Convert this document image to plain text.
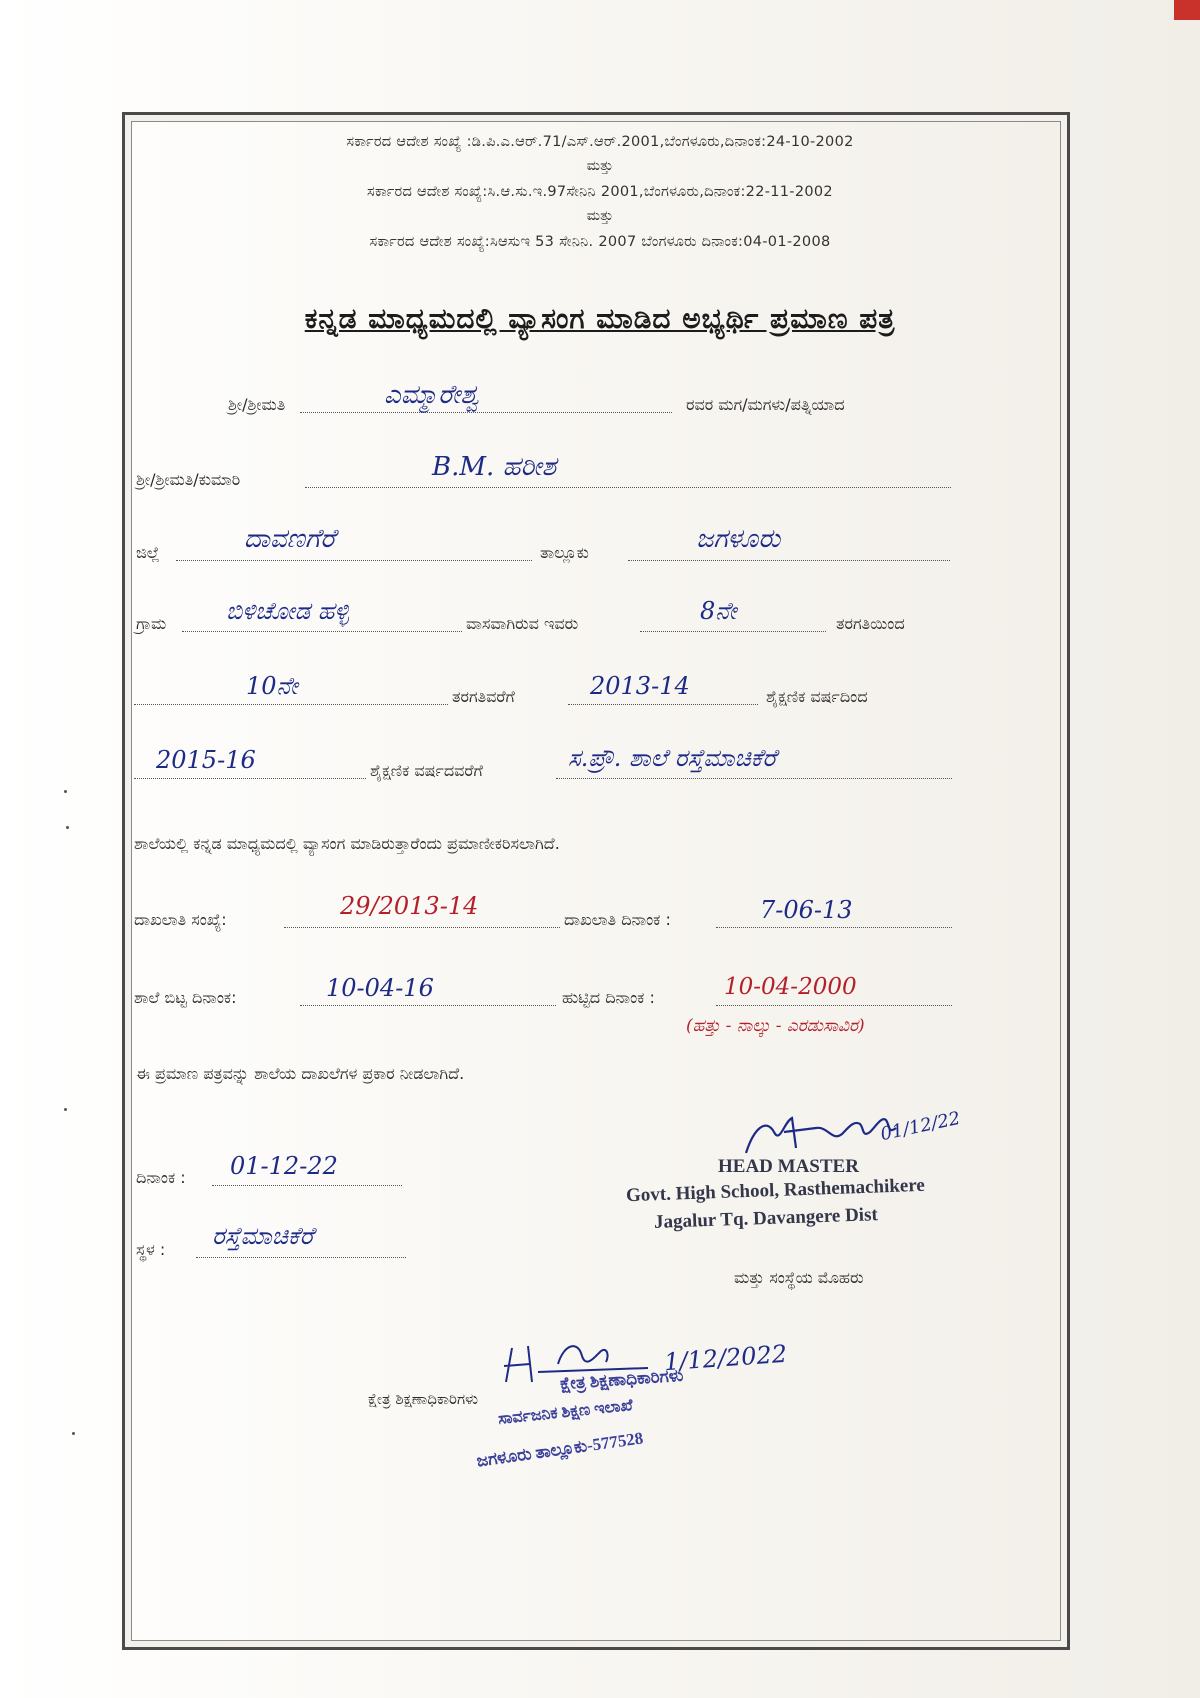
ಸರ್ಕಾರದ ಆದೇಶ ಸಂಖ್ಯೆ :ಡಿ.ಪಿ.ಎ.ಆರ್.71/ಎಸ್.ಆರ್.2001,ಬೆಂಗಳೂರು,ದಿನಾಂಕ:24-10-2002
ಮತ್ತು
ಸರ್ಕಾರದ ಆದೇಶ ಸಂಖ್ಯೆ:ಸಿ.ಆ.ಸು.ಇ.97ಸೇನಿನಿ 2001,ಬೆಂಗಳೂರು,ದಿನಾಂಕ:22-11-2002
ಮತ್ತು
ಸರ್ಕಾರದ ಆದೇಶ ಸಂಖ್ಯೆ:ಸಿಆಸುಇ 53 ಸೇನಿನಿ. 2007 ಬೆಂಗಳೂರು ದಿನಾಂಕ:04-01-2008
ಕನ್ನಡ ಮಾಧ್ಯಮದಲ್ಲಿ ವ್ಯಾಸಂಗ ಮಾಡಿದ ಅಭ್ಯರ್ಥಿ ಪ್ರಮಾಣ ಪತ್ರ
ಶ್ರೀ/ಶ್ರೀಮತಿ	ಎಮ್ಮಾರೇಶ್ವ	ರವರ ಮಗ/ಮಗಳು/ಪತ್ನಿಯಾದ
ಶ್ರೀ/ಶ್ರೀಮತಿ/ಕುಮಾರಿ	B.M. ಹರೀಶ
ಜಿಲ್ಲೆ	ದಾವಣಗೆರೆ	ತಾಲ್ಲೂಕು	ಜಗಳೂರು
ಗ್ರಾಮ ಬಿಳಿಚೋಡ ಹಳ್ಳಿ	ವಾಸವಾಗಿರುವ ಇವರು	8ನೇ	ತರಗತಿಯಿಂದ
10ನೇ	ತರಗತಿವರೆಗೆ	2013-14	ಶೈಕ್ಷಣಿಕ ವರ್ಷದಿಂದ
2015-16	ಶೈಕ್ಷಣಿಕ ವರ್ಷದವರೆಗೆ	ಸ.ಪ್ರೌ. ಶಾಲೆ ರಸ್ತೆಮಾಚಿಕೆರೆ
ಶಾಲೆಯಲ್ಲಿ ಕನ್ನಡ ಮಾಧ್ಯಮದಲ್ಲಿ ವ್ಯಾಸಂಗ ಮಾಡಿರುತ್ತಾರೆಂದು ಪ್ರಮಾಣೀಕರಿಸಲಾಗಿದೆ.
ದಾಖಲಾತಿ ಸಂಖ್ಯೆ:	29/2013-14	ದಾಖಲಾತಿ ದಿನಾಂಕ :	7-06-13
ಶಾಲೆ ಬಿಟ್ಟ ದಿನಾಂಕ:	10-04-16	ಹುಟ್ಟಿದ ದಿನಾಂಕ :	10-04-2000
(ಹತ್ತು - ನಾಲ್ಕು - ಎರಡುಸಾವಿರ)
ಈ ಪ್ರಮಾಣ ಪತ್ರವನ್ನು ಶಾಲೆಯ ದಾಖಲೆಗಳ ಪ್ರಕಾರ ನೀಡಲಾಗಿದೆ.
01/12/22
HEAD MASTER
Govt. High School, Rasthemachikere
Jagalur Tq. Davangere Dist
ದಿನಾಂಕ : 01-12-22
ಸ್ಥಳ : ರಸ್ತೆಮಾಚಿಕೆರೆ
ಮತ್ತು ಸಂಸ್ಥೆಯ ಮೊಹರು
1/12/2022
ಕ್ಷೇತ್ರ ಶಿಕ್ಷಣಾಧಿಕಾರಿಗಳು
ಕ್ಷೇತ್ರ ಶಿಕ್ಷಣಾಧಿಕಾರಿಗಳು
ಸಾರ್ವಜನಿಕ ಶಿಕ್ಷಣ ಇಲಾಖೆ
ಜಗಳೂರು ತಾಲ್ಲೂಕು-577528
